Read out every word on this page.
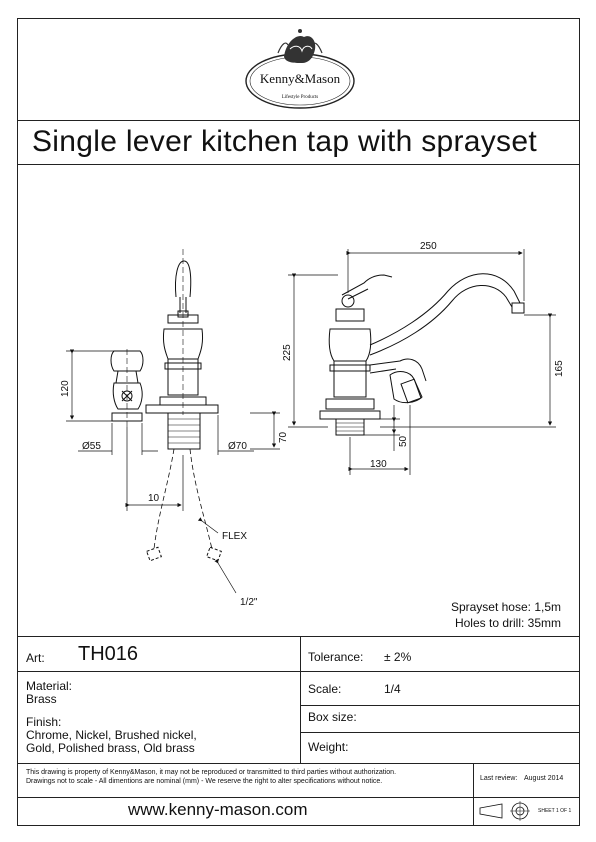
Kenny&Mason
Lifestyle Products
Single lever kitchen tap with sprayset
250
225
165
120
Ø55	Ø70
70
10
50
130
FLEX
1/2"	Sprayset hose: 1,5m
Holes to drill: 35mm
Art: TH016	Tolerance: ± 2%
Material:
Brass
Finish:
Chrome, Nickel, Brushed nickel,
Gold, Polished brass, Old brass
Scale:	1/4
Box size:
Weight:
This drawing is property of Kenny&Mason, it may not be reproduced or transmitted to third parties without authorization.
Drawings not to scale - All dimentions are nominal (mm) - We reserve the right to alter specifications without notice.	Last review: August 2014
www.kenny-mason.com	SHEET 1 OF 1
